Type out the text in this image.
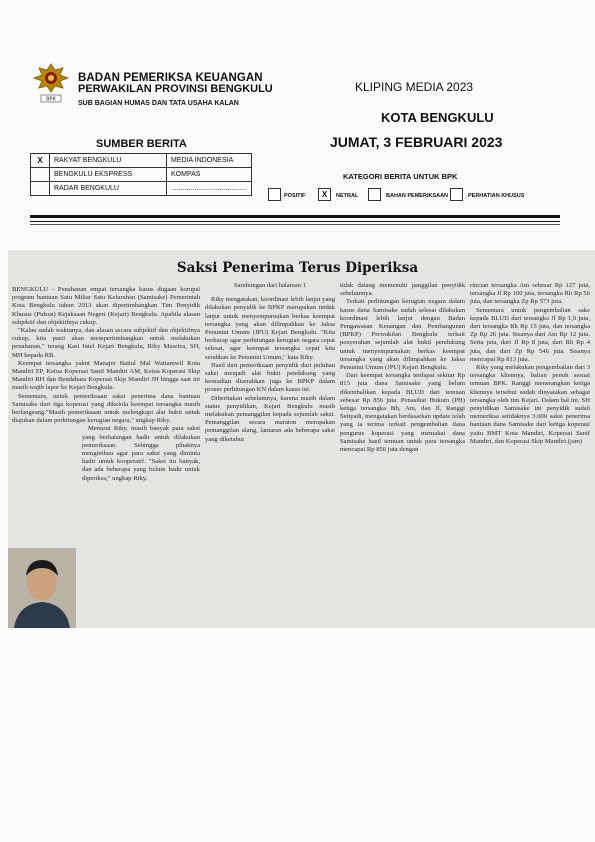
BPK
BADAN PEMERIKSA KEUANGAN
PERWAKILAN PROVINSI BENGKULU
SUB BAGIAN HUMAS DAN TATA USAHA KALAN
KLIPING MEDIA 2023
KOTA BENGKULU
JUMAT, 3 FEBRUARI 2023
SUMBER BERITA
X	RAKYAT BENGKULU	MEDIA INDONESIA
	BENGKULU EKSPRESS	KOMPAS
	RADAR BENGKULU	.......................................
KATEGORI BERITA UNTUK BPK
POSITIF	X	NETRAL	BAHAN PEMERIKSAAN	PERHATIAN KHUSUS
Saksi Penerima Terus Diperiksa

BENGKULU - Penahanan empat tersangka kasus dugaan korupsi program bantuan Satu Miliar Satu Kelurahan (Samisake) Pemerintah Kota Bengkulu tahun 2013 akan dipertimbangkan Tim Penyidik Khusus (Pidsus) Kejaksaan Negeri (Kejari) Bengkulu. Apabila alasan subjektif dan objektifnya cukup.

"Kalau sudah waktunya, dan alasan secara subjektif dan objektifnya cukup, kita pasti akan mempertimbangkan untuk melakukan penahanan," terang Kasi Intel Kejari Bengkulu, Riky Musriza, SH, MH kepada RB.

Keempat tersangka yakni Manajer Baitul Mal Wattamwil Kota Mandiri ZP, Ketua Koperasi Sanif Mandiri AM, Ketua Koperasi Skip Mandiri RH dan Bendahara Koperasi Skip Mandiri JH hingga saat ini masih wajib lapor ke Kejari Bengkulu.

Sementara, untuk pemeriksaan saksi penerima dana bantuan Samisake dari tiga koperasi yang dikelola keempat tersangka masih berlangsung."Masih pemeriksaan untuk melengkapi alat bukti untuk diajukan dalam perhitungan kerugian negara," ungkap Riky.

Menurut Riky, masih banyak para saksi yang berhalangan hadir untuk dilakukan pemeriksaan. Sehingga pihaknya mengimbau agar para saksi yang diminta hadir untuk kooperatif. "Saksi itu banyak, dan ada beberapa yang belum hadir untuk diperiksa," ungkap Riky.

Sambungan dari halaman 1

Riky mengatakan, koordinasi lebih lanjut yang dilakukan penyidik ke BPKP merupakan tindak lanjut untuk menyempurnakan berkas keempat tersangka yang akan dilimpahkan ke Jaksa Penuntut Umum (JPU) Kejari Bengkulu. "Kita berharap agar perhitungan kerugian negara cepat selesai, agar keempat tersangka cepat kita serahkan ke Penuntut Umum," kata Riky.

Hasil dari pemeriksaan penyidik dari puluhan saksi menjadi alat bukti pendukung yang kemudian diserahkan juga ke BPKP dalam proses perhitungan KN dalam kasus ini.

Diberitakan sebelumnya, karena masih dalam status penyidikan, Kejari Bengkulu masih melakukan pemanggilan kepada sejumlah saksi. Pemanggilan secara maraton merupakan pemanggilan ulang, lantaran ada beberapa saksi yang diketahui

tidak datang memenuhi panggilan penyidik sebelumnya.

Terkait perhitungan kerugian negara dalam kasus dana Samisake sudah selesai dilakukan koordinasi lebih lanjut dengan Badan Pengawasan Keuangan dan Pembangunan (BPKP) Perwakilan Bengkulu terkait penyerahan sejumlah alat bukti pendukung untuk menyempurnakan berkas keempat tersangka yang akan dilimpahkan ke Jaksa Penuntut Umum (JPU) Kejari Bengkulu.

Dari keempat tersangka terdapat sekitar Rp 813 juta dana Samisake yang belum dikembalikan kepada BLUD dari temuan sebesar Rp 856 juta. Penasihat Hukum (PH) ketiga tersangka 8th, Am, dan Jl, Ranggi Setiyadi, mengatakan berdasarkan update telah yang ia terima terkait pengembalian dana pengurus koperasi yang memakai dana Samisake hasil temuan untuk para tersangka mencapai Rp 856 juta dengan

rincian tersangka Am sebesar Rp 127 juta, tersangka Jl Rp 100 juta, tersangka Rh Rp 56 juta, dan tersangka Zp Rp 573 juta.

Sementara untuk pengembalian sake kepada BLUD dari tersangka Jl Rp 1,9 juta, dari tersangka Rh Rp 15 juta, dan tersangka Zp Rp 26 juta. Sisanya dari Am Rp 12 juta. Serta juta, dari Jl Rp 8 juta, dari Rh Rp 4 juta, dan dari Zp Rp 546 juta. Sisanya mencapai Rp 813 juta.

Riky yang melakukan pengembalian dari 3 tersangka kliennya, balian penuh sesuai temuan BPK. Ranggi menerangkan ketiga kliennya tersebut sudah dinyatakan sebagai tersangka oleh tim Kejari. Dalam hal ini, SH penyidikan Samisake ini penyidik sudah memeriksa setidaknya 3.000 saksi penerima bantuan dana Samisake dari ketiga koperasi yaitu BMT Kota Mandiri, Koperasi Sanif Mandiri, dan Koperasi Skip Mandiri.(jam)
